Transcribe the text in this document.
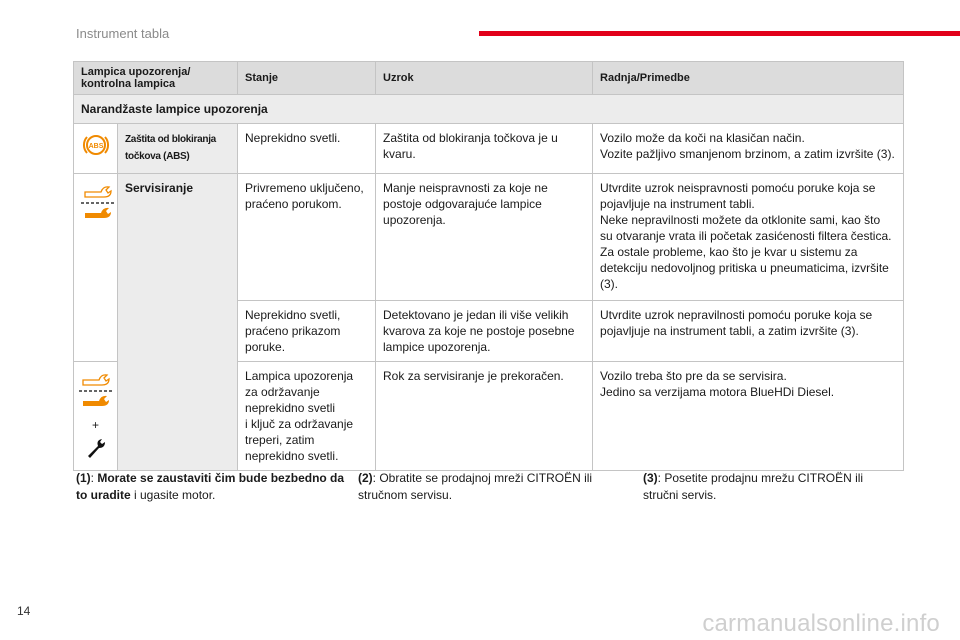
Instrument tabla
Lampica upozorenja/
kontrolna lampica		Stanje	Uzrok	Radnja/Primedbe
Narandžaste lampice upozorenja				

ABS	Zaštita od blokiranja točkova (ABS)	Neprekidno svetli.	Zaštita od blokiranja točkova je u kvaru.	Vozilo može da koči na klasičan način.
Vozite pažljivo smanjenom brzinom, a zatim izvršite (3).
	Servisiranje	Privremeno uključeno, praćeno porukom.	Manje neispravnosti za koje ne postoje odgovarajuće lampice upozorenja.	Utvrdite uzrok neispravnosti pomoću poruke koja se pojavljuje na instrument tabli.
Neke nepravilnosti možete da otklonite sami, kao što su otvaranje vrata ili početak zasićenosti filtera čestica.
Za ostale probleme, kao što je kvar u sistemu za detekciju nedovoljnog pritiska u pneumaticima, izvršite (3).
		Neprekidno svetli, praćeno prikazom poruke.	Detektovano je jedan ili više velikih kvarova za koje ne postoje posebne lampice upozorenja.	Utvrdite uzrok nepravilnosti pomoću poruke koja se pojavljuje na instrument tabli, a zatim izvršite (3).

+		Lampica upozorenja za održavanje neprekidno svetli
i ključ za održavanje treperi, zatim neprekidno svetli.	Rok za servisiranje je prekoračen.	Vozilo treba što pre da se servisira.
Jedino sa verzijama motora BlueHDi Diesel.
(1): Morate se zaustaviti čim bude bezbedno da to uradite i ugasite motor.
(2): Obratite se prodajnoj mreži CITROËN ili stručnom servisu.
(3): Posetite prodajnu mrežu CITROËN ili stručni servis.
14	carmanualsonline.info
